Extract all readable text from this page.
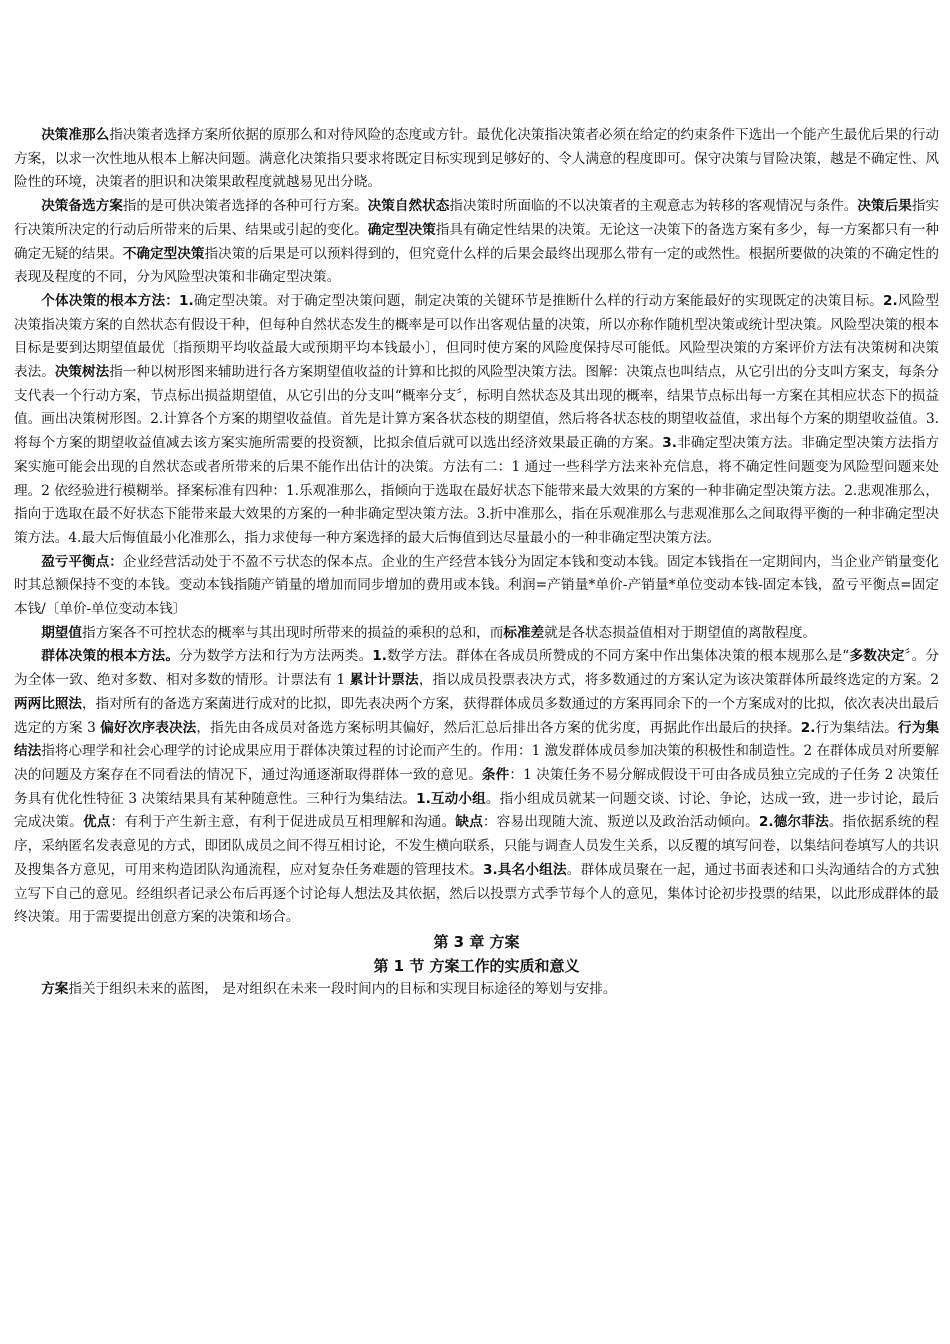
决策准那么指决策者选择方案所依据的原那么和对待风险的态度或方针。最优化决策指决策者必须在给定的约束条件下选出一个能产生最优后果的行动方案，以求一次性地从根本上解决问题。满意化决策指只要求将既定目标实现到足够好的、令人满意的程度即可。保守决策与冒险决策，越是不确定性、风险性的环境，决策者的胆识和决策果敢程度就越易见出分晓。

决策备选方案指的是可供决策者选择的各种可行方案。决策自然状态指决策时所面临的不以决策者的主观意志为转移的客观情况与条件。决策后果指实行决策所决定的行动后所带来的后果、结果或引起的变化。确定型决策指具有确定性结果的决策。无论这一决策下的备选方案有多少，每一方案都只有一种确定无疑的结果。不确定型决策指决策的后果是可以预料得到的，但究竟什么样的后果会最终出现那么带有一定的或然性。根据所要做的决策的不确定性的表现及程度的不同，分为风险型决策和非确定型决策。

个体决策的根本方法：1.确定型决策。对于确定型决策问题，制定决策的关键环节是推断什么样的行动方案能最好的实现既定的决策目标。2.风险型决策指决策方案的自然状态有假设干种，但每种自然状态发生的概率是可以作出客观估量的决策，所以亦称作随机型决策或统计型决策。风险型决策的根本目标是要到达期望值最优〔指预期平均收益最大或预期平均本钱最小〕，但同时使方案的风险度保持尽可能低。风险型决策的方案评价方法有决策树和决策表法。决策树法指一种以树形图来辅助进行各方案期望值收益的计算和比拟的风险型决策方法。图解：决策点也叫结点，从它引出的分支叫方案支，每条分支代表一个行动方案，节点标出损益期望值，从它引出的分支叫“概率分支〞，标明自然状态及其出现的概率，结果节点标出每一方案在其相应状态下的损益值。画出决策树形图。2.计算各个方案的期望收益值。首先是计算方案各状态枝的期望值，然后将各状态枝的期望收益值，求出每个方案的期望收益值。3.将每个方案的期望收益值减去该方案实施所需要的投资额，比拟余值后就可以选出经济效果最正确的方案。3.非确定型决策方法。非确定型决策方法指方案实施可能会出现的自然状态或者所带来的后果不能作出估计的决策。方法有二：1 通过一些科学方法来补充信息，将不确定性问题变为风险型问题来处理。2 依经验进行模糊举。择案标准有四种：1.乐观准那么，指倾向于选取在最好状态下能带来最大效果的方案的一种非确定型决策方法。2.悲观准那么，指向于选取在最不好状态下能带来最大效果的方案的一种非确定型决策方法。3.折中准那么，指在乐观准那么与悲观准那么之间取得平衡的一种非确定型决策方法。4.最大后悔值最小化准那么，指力求使每一种方案选择的最大后悔值到达尽量最小的一种非确定型决策方法。

盈亏平衡点：企业经营活动处于不盈不亏状态的保本点。企业的生产经营本钱分为固定本钱和变动本钱。固定本钱指在一定期间内，当企业产销量变化时其总额保持不变的本钱。变动本钱指随产销量的增加而同步增加的费用或本钱。利润=产销量*单价-产销量*单位变动本钱-固定本钱，盈亏平衡点=固定本钱/〔单价-单位变动本钱〕

期望值指方案各不可控状态的概率与其出现时所带来的损益的乘积的总和，而标准差就是各状态损益值相对于期望值的离散程度。

群体决策的根本方法。分为数学方法和行为方法两类。1.数学方法。群体在各成员所赞成的不同方案中作出集体决策的根本规那么是“多数决定〞。分为全体一致、绝对多数、相对多数的情形。计票法有 1 累计计票法，指以成员投票表决方式，将多数通过的方案认定为该决策群体所最终选定的方案。2 两两比照法，指对所有的备选方案菌进行成对的比拟，即先表决两个方案，获得群体成员多数通过的方案再同余下的一个方案成对的比拟，依次表决出最后选定的方案 3 偏好次序表决法，指先由各成员对备选方案标明其偏好，然后汇总后排出各方案的优劣度，再据此作出最后的抉择。2.行为集结法。行为集结法指将心理学和社会心理学的讨论成果应用于群体决策过程的讨论而产生的。作用：1 激发群体成员参加决策的积极性和制造性。2 在群体成员对所要解决的问题及方案存在不同看法的情况下，通过沟通逐渐取得群体一致的意见。条件：1 决策任务不易分解成假设干可由各成员独立完成的子任务 2 决策任务具有优化性特征 3 决策结果具有某种随意性。三种行为集结法。1.互动小组。指小组成员就某一问题交谈、讨论、争论，达成一致，进一步讨论，最后完成决策。优点：有利于产生新主意，有利于促进成员互相理解和沟通。缺点：容易出现随大流、叛逆以及政治活动倾向。2.德尔菲法。指依据系统的程序，采纳匿名发表意见的方式，即团队成员之间不得互相讨论，不发生横向联系，只能与调查人员发生关系，以反覆的填写问卷，以集结问卷填写人的共识及搜集各方意见，可用来构造团队沟通流程，应对复杂任务难题的管理技术。3.具名小组法。群体成员聚在一起，通过书面表述和口头沟通结合的方式独立写下自己的意见。经组织者记录公布后再逐个讨论每人想法及其依据，然后以投票方式季节每个人的意见，集体讨论初步投票的结果，以此形成群体的最终决策。用于需要提出创意方案的决策和场合。

第 3 章 方案
第 1 节 方案工作的实质和意义

方案指关于组织未来的蓝图， 是对组织在未来一段时间内的目标和实现目标途径的筹划与安排。
